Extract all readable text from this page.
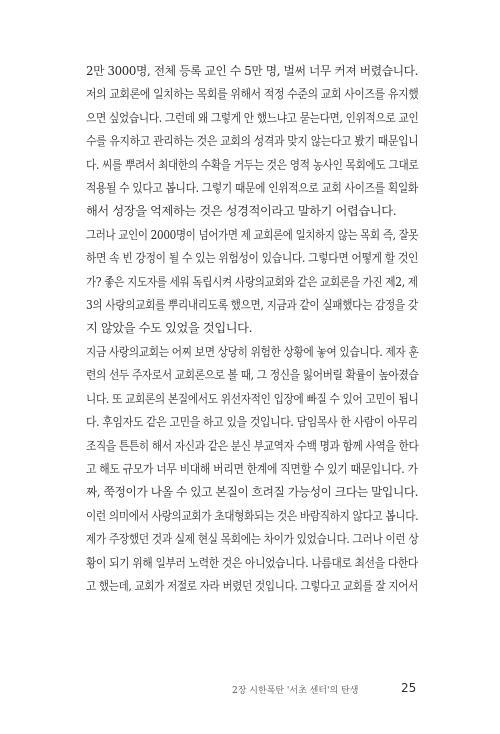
2만 3000명, 전체 등록 교인 수 5만 명, 벌써 너무 커져 버렸습니다.
저의 교회론에 일치하는 목회를 위해서 적정 수준의 교회 사이즈를 유지했
으면 싶었습니다. 그런데 왜 그렇게 안 했느냐고 묻는다면, 인위적으로 교인
수를 유지하고 관리하는 것은 교회의 성격과 맞지 않는다고 봤기 때문입니
다. 씨를 뿌려서 최대한의 수확을 거두는 것은 영적 농사인 목회에도 그대로
적용될 수 있다고 봅니다. 그렇기 때문에 인위적으로 교회 사이즈를 획일화
해서 성장을 억제하는 것은 성경적이라고 말하기 어렵습니다.
그러나 교인이 2000명이 넘어가면 제 교회론에 일치하지 않는 목회 즉, 잘못
하면 속 빈 강정이 될 수 있는 위험성이 있습니다. 그렇다면 어떻게 할 것인
가? 좋은 지도자를 세워 독립시켜 사랑의교회와 같은 교회론을 가진 제2, 제
3의 사랑의교회를 뿌리내리도록 했으면, 지금과 같이 실패했다는 감정을 갖
지 않았을 수도 있었을 것입니다.
지금 사랑의교회는 어찌 보면 상당히 위험한 상황에 놓여 있습니다. 제자 훈
련의 선두 주자로서 교회론으로 볼 때, 그 정신을 잃어버릴 확률이 높아졌습
니다. 또 교회론의 본질에서도 위선자적인 입장에 빠질 수 있어 고민이 됩니
다. 후임자도 같은 고민을 하고 있을 것입니다. 담임목사 한 사람이 아무리
조직을 튼튼히 해서 자신과 같은 분신 부교역자 수백 명과 함께 사역을 한다
고 해도 규모가 너무 비대해 버리면 한계에 직면할 수 있기 때문입니다. 가
짜, 쭉정이가 나올 수 있고 본질이 흐려질 가능성이 크다는 말입니다.
이런 의미에서 사랑의교회가 초대형화되는 것은 바람직하지 않다고 봅니다.
제가 주장했던 것과 실제 현실 목회에는 차이가 있었습니다. 그러나 이런 상
황이 되기 위해 일부러 노력한 것은 아니었습니다. 나름대로 최선을 다한다
고 했는데, 교회가 저절로 자라 버렸던 것입니다. 그렇다고 교회를 잘 지어서
2장 시한폭탄 '서초 센터'의 탄생	25
